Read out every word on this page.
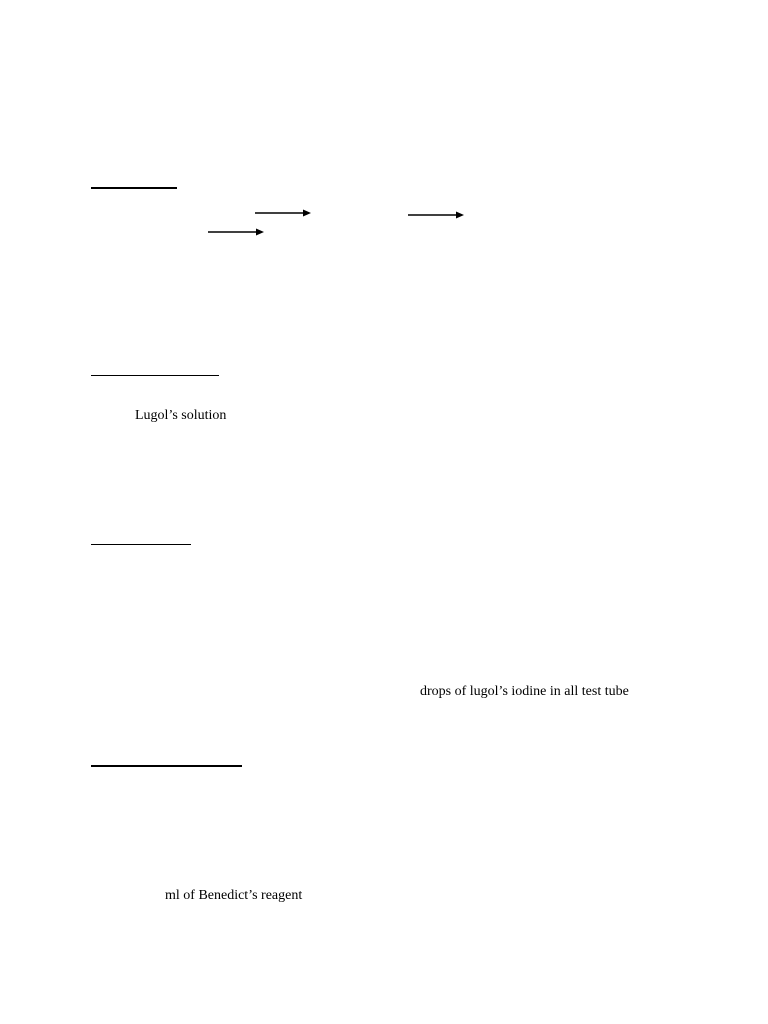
Lugol’s solution
drops of lugol’s iodine in all test tube
ml of Benedict’s reagent
